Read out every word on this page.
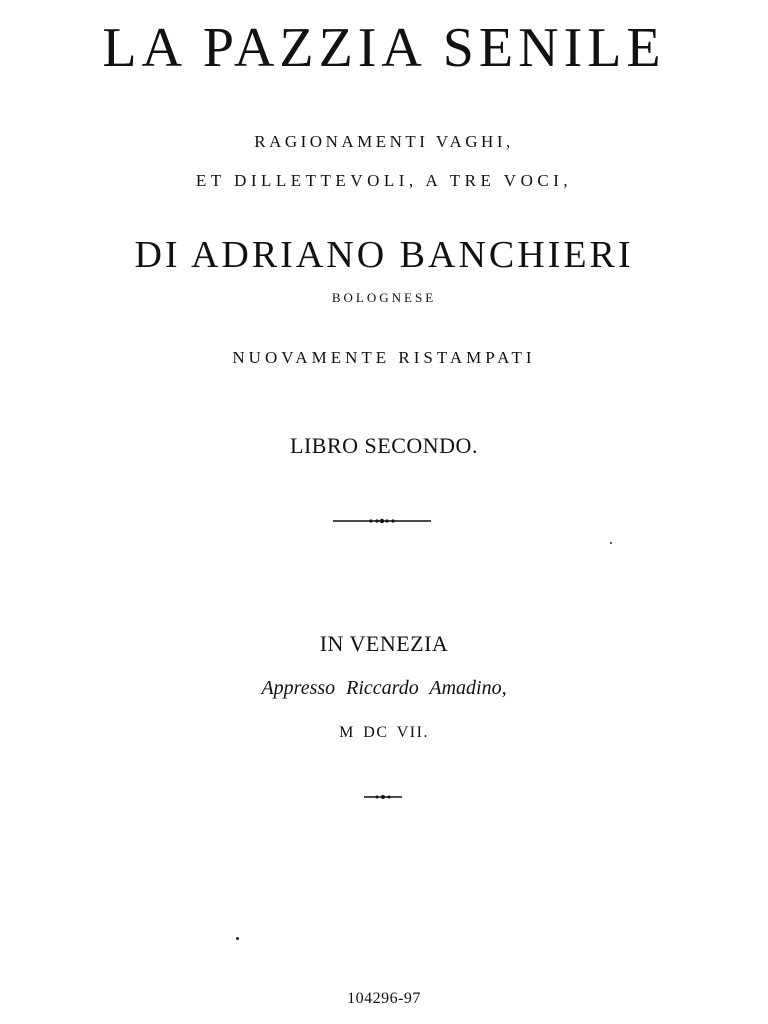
LA PAZZIA SENILE
RAGIONAMENTI VAGHI,
ET DILLETTEVOLI, A TRE VOCI,
DI ADRIANO BANCHIERI
BOLOGNESE
NUOVAMENTE RISTAMPATI
LIBRO SECONDO.
IN VENEZIA
Appresso Riccardo Amadino,
M DC VII.
104296-97
